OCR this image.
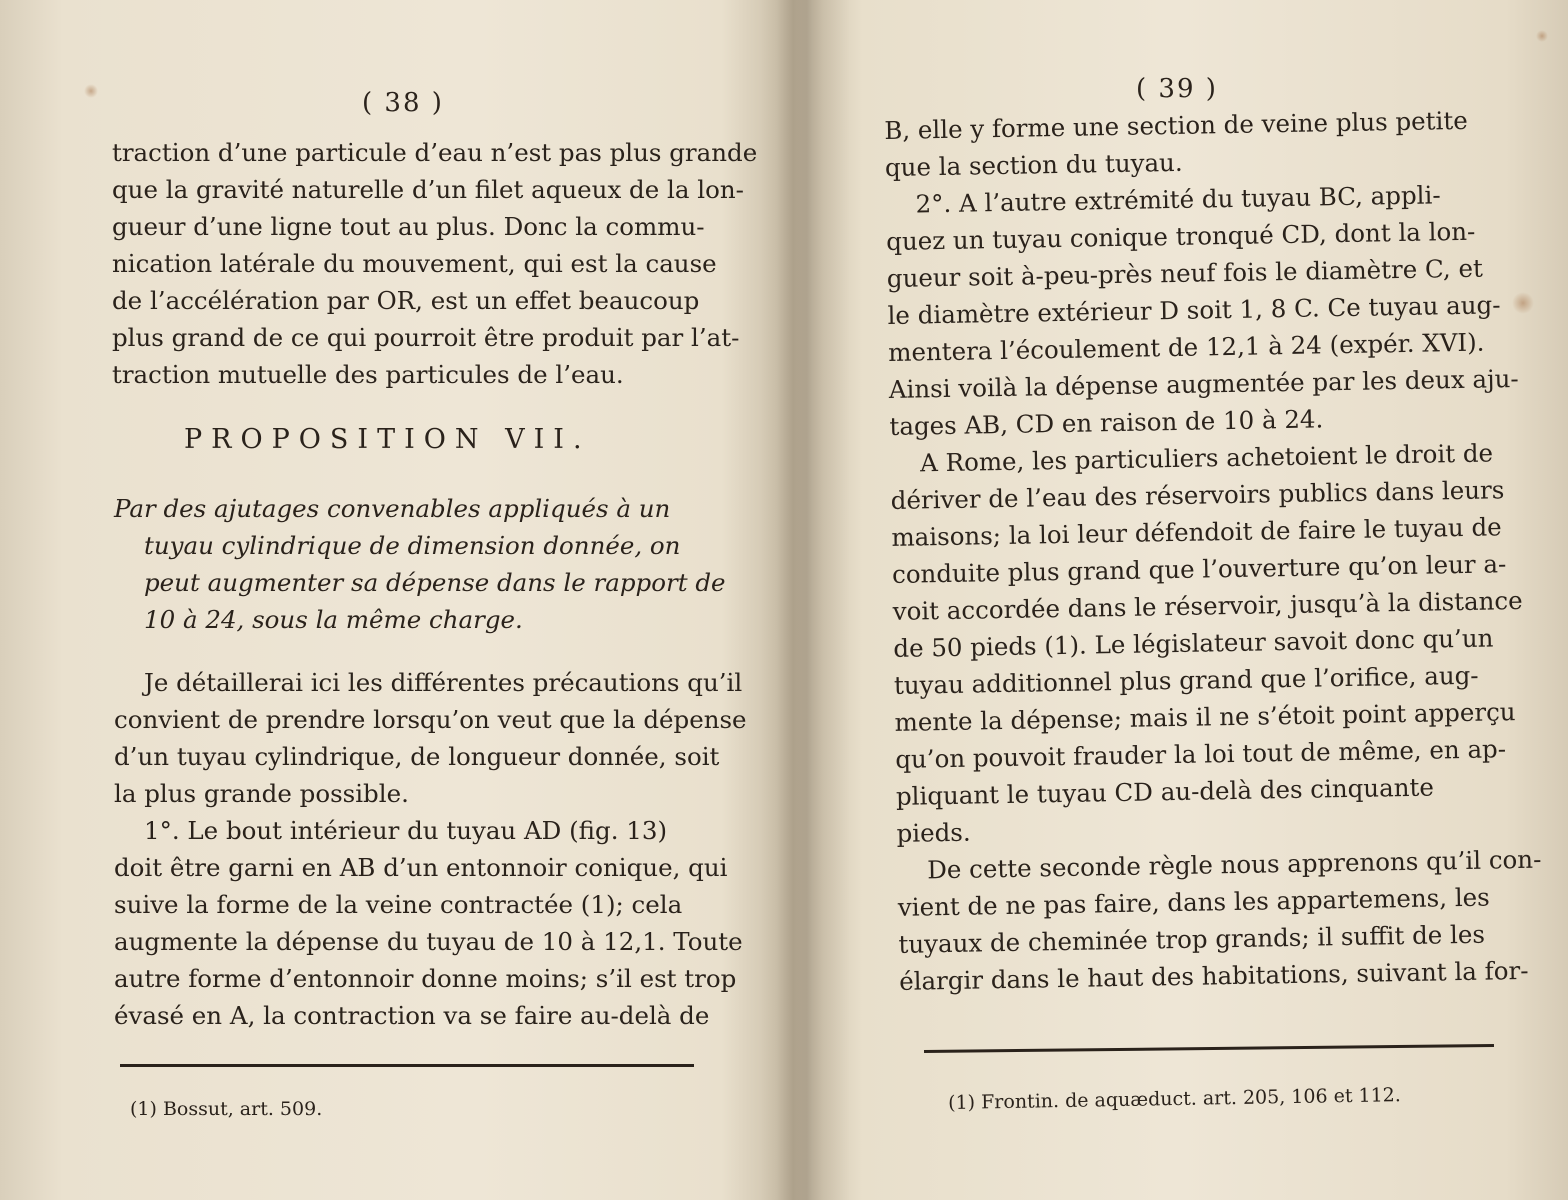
( 38 )
traction d’une particule d’eau n’est pas plus grande
que la gravité naturelle d’un filet aqueux de la lon-
gueur d’une ligne tout au plus. Donc la commu-
nication latérale du mouvement, qui est la cause
de l’accélération par OR, est un effet beaucoup
plus grand de ce qui pourroit être produit par l’at-
traction mutuelle des particules de l’eau.
PROPOSITION VII.
Par des ajutages convenables appliqués à un
tuyau cylindrique de dimension donnée, on
peut augmenter sa dépense dans le rapport de
10 à 24, sous la même charge.
Je détaillerai ici les différentes précautions qu’il
convient de prendre lorsqu’on veut que la dépense
d’un tuyau cylindrique, de longueur donnée, soit
la plus grande possible.
1°. Le bout intérieur du tuyau AD (fig. 13)
doit être garni en AB d’un entonnoir conique, qui
suive la forme de la veine contractée (1); cela
augmente la dépense du tuyau de 10 à 12,1. Toute
autre forme d’entonnoir donne moins; s’il est trop
évasé en A, la contraction va se faire au-delà de
(1) Bossut, art. 509.
( 39 )
B, elle y forme une section de veine plus petite
que la section du tuyau.
2°. A l’autre extrémité du tuyau BC, appli-
quez un tuyau conique tronqué CD, dont la lon-
gueur soit à-peu-près neuf fois le diamètre C, et
le diamètre extérieur D soit 1, 8 C. Ce tuyau aug-
mentera l’écoulement de 12,1 à 24 (expér. XVI).
Ainsi voilà la dépense augmentée par les deux aju-
tages AB, CD en raison de 10 à 24.
A Rome, les particuliers achetoient le droit de
dériver de l’eau des réservoirs publics dans leurs
maisons; la loi leur défendoit de faire le tuyau de
conduite plus grand que l’ouverture qu’on leur a-
voit accordée dans le réservoir, jusqu’à la distance
de 50 pieds (1). Le législateur savoit donc qu’un
tuyau additionnel plus grand que l’orifice, aug-
mente la dépense; mais il ne s’étoit point apperçu
qu’on pouvoit frauder la loi tout de même, en ap-
pliquant le tuyau CD au-delà des cinquante
pieds.
De cette seconde règle nous apprenons qu’il con-
vient de ne pas faire, dans les appartemens, les
tuyaux de cheminée trop grands; il suffit de les
élargir dans le haut des habitations, suivant la for-
(1) Frontin. de aquæduct. art. 205, 106 et 112.
